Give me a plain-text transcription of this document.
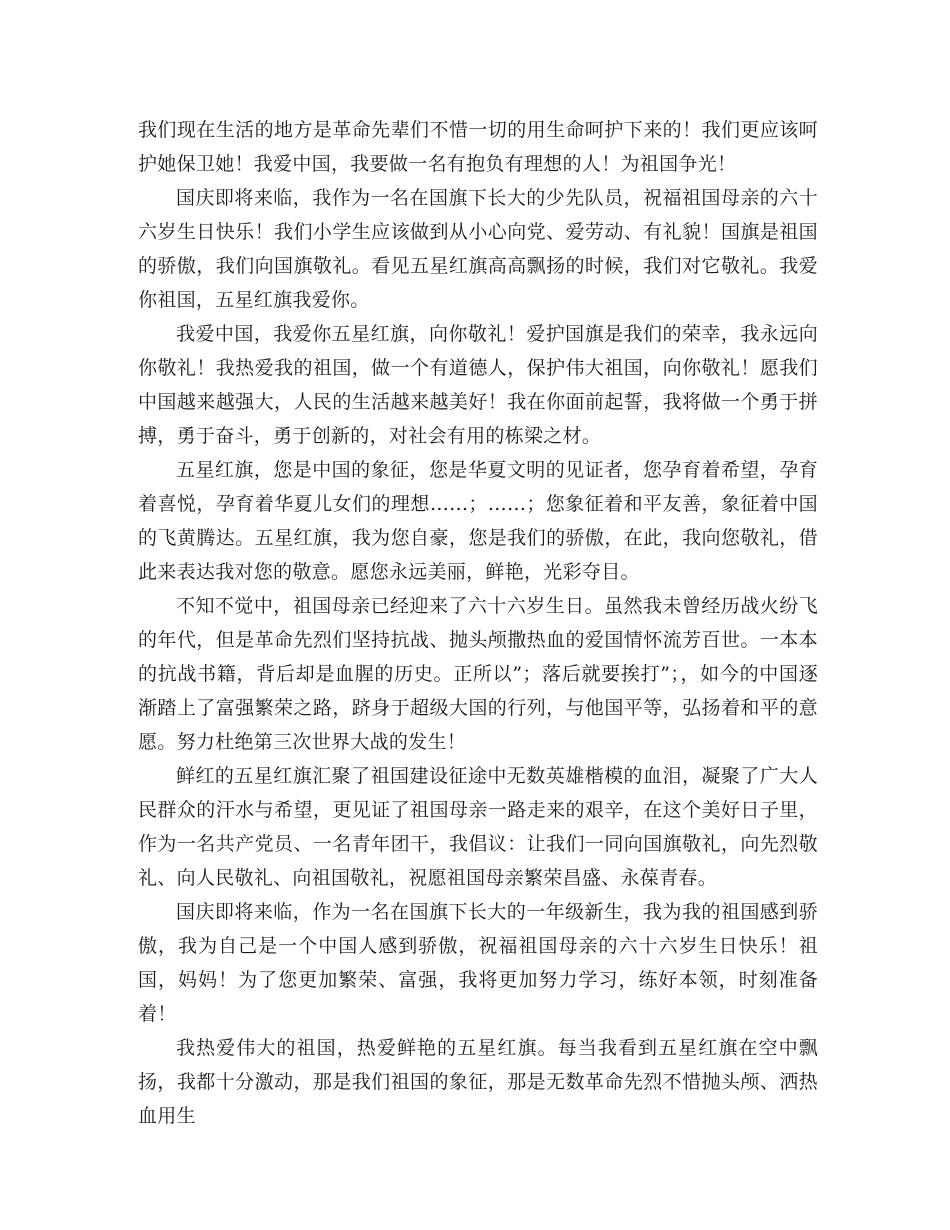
我们现在生活的地方是革命先辈们不惜一切的用生命呵护下来的！我们更应该呵护她保卫她！我爱中国，我要做一名有抱负有理想的人！为祖国争光！

国庆即将来临，我作为一名在国旗下长大的少先队员，祝福祖国母亲的六十六岁生日快乐！我们小学生应该做到从小心向党、爱劳动、有礼貌！国旗是祖国的骄傲，我们向国旗敬礼。看见五星红旗高高飘扬的时候，我们对它敬礼。我爱你祖国，五星红旗我爱你。

我爱中国，我爱你五星红旗，向你敬礼！爱护国旗是我们的荣幸，我永远向你敬礼！我热爱我的祖国，做一个有道德人，保护伟大祖国，向你敬礼！愿我们中国越来越强大，人民的生活越来越美好！我在你面前起誓，我将做一个勇于拼搏，勇于奋斗，勇于创新的，对社会有用的栋梁之材。

五星红旗，您是中国的象征，您是华夏文明的见证者，您孕育着希望，孕育着喜悦，孕育着华夏儿女们的理想……；……；您象征着和平友善，象征着中国的飞黄腾达。五星红旗，我为您自豪，您是我们的骄傲，在此，我向您敬礼，借此来表达我对您的敬意。愿您永远美丽，鲜艳，光彩夺目。

不知不觉中，祖国母亲已经迎来了六十六岁生日。虽然我未曾经历战火纷飞的年代，但是革命先烈们坚持抗战、抛头颅撒热血的爱国情怀流芳百世。一本本的抗战书籍，背后却是血腥的历史。正所以”；落后就要挨打”；，如今的中国逐渐踏上了富强繁荣之路，跻身于超级大国的行列，与他国平等，弘扬着和平的意愿。努力杜绝第三次世界大战的发生！

鲜红的五星红旗汇聚了祖国建设征途中无数英雄楷模的血泪，凝聚了广大人民群众的汗水与希望，更见证了祖国母亲一路走来的艰辛，在这个美好日子里，作为一名共产党员、一名青年团干，我倡议：让我们一同向国旗敬礼，向先烈敬礼、向人民敬礼、向祖国敬礼，祝愿祖国母亲繁荣昌盛、永葆青春。

国庆即将来临，作为一名在国旗下长大的一年级新生，我为我的祖国感到骄傲，我为自己是一个中国人感到骄傲，祝福祖国母亲的六十六岁生日快乐！祖国，妈妈！为了您更加繁荣、富强，我将更加努力学习，练好本领，时刻准备着！

我热爱伟大的祖国，热爱鲜艳的五星红旗。每当我看到五星红旗在空中飘扬，我都十分激动，那是我们祖国的象征，那是无数革命先烈不惜抛头颅、洒热血用生
